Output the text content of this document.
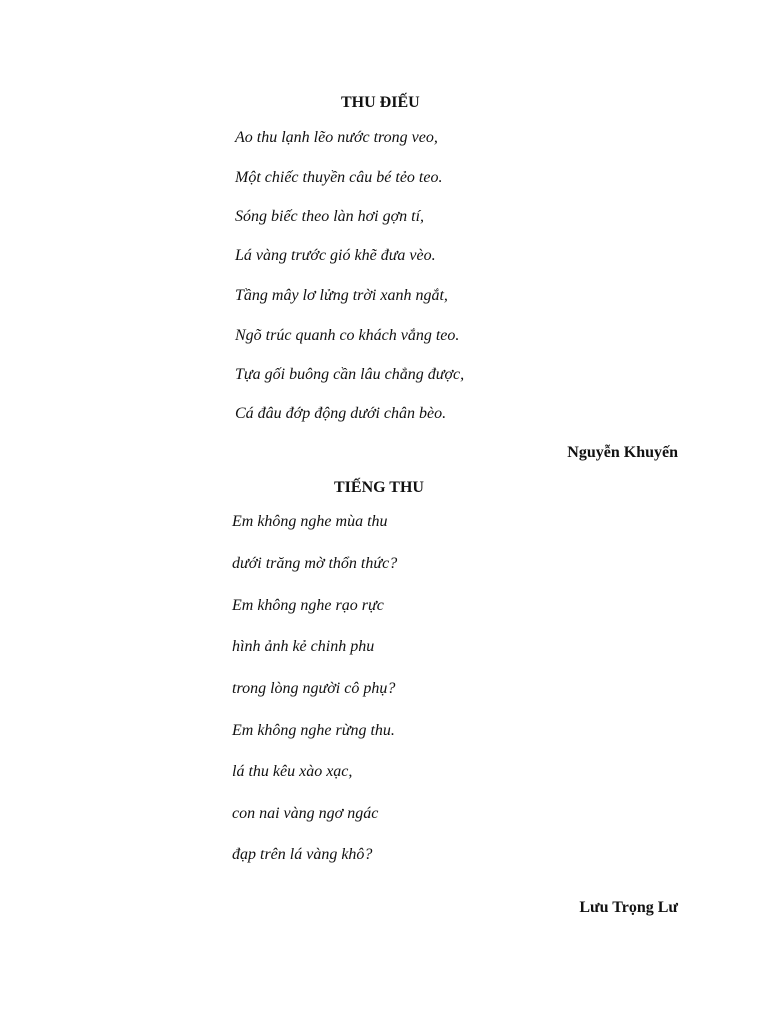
THU ĐIẾU
Ao thu lạnh lẽo nước trong veo,
Một chiếc thuyền câu bé tẻo teo.
Sóng biếc theo làn hơi gợn tí,
Lá vàng trước gió khẽ đưa vèo.
Tầng mây lơ lửng trời xanh ngắt,
Ngõ trúc quanh co khách vắng teo.
Tựa gối buông cần lâu chẳng được,
Cá đâu đớp động dưới chân bèo.
Nguyễn Khuyến
TIẾNG THU
Em không nghe mùa thu
dưới trăng mờ thổn thức?
Em không nghe rạo rực
hình ảnh kẻ chinh phu
trong lòng người cô phụ?
Em không nghe rừng thu.
lá thu kêu xào xạc,
con nai vàng ngơ ngác
đạp trên lá vàng khô?
Lưu Trọng Lư
